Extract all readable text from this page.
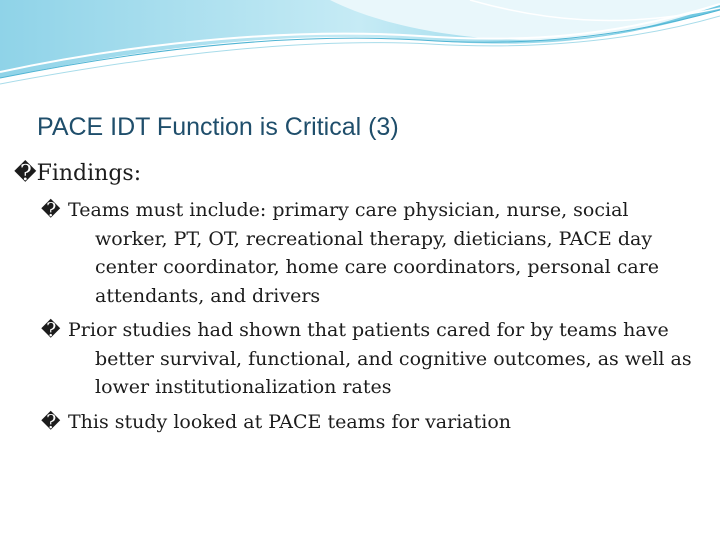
PACE IDT Function is Critical (3)
�Findings:
� Teams must include: primary care physician, nurse, social worker, PT, OT, recreational therapy, dieticians, PACE day center coordinator, home care coordinators, personal care attendants, and drivers
� Prior studies had shown that patients cared for by teams have better survival, functional, and cognitive outcomes, as well as lower institutionalization rates
� This study looked at PACE teams for variation
